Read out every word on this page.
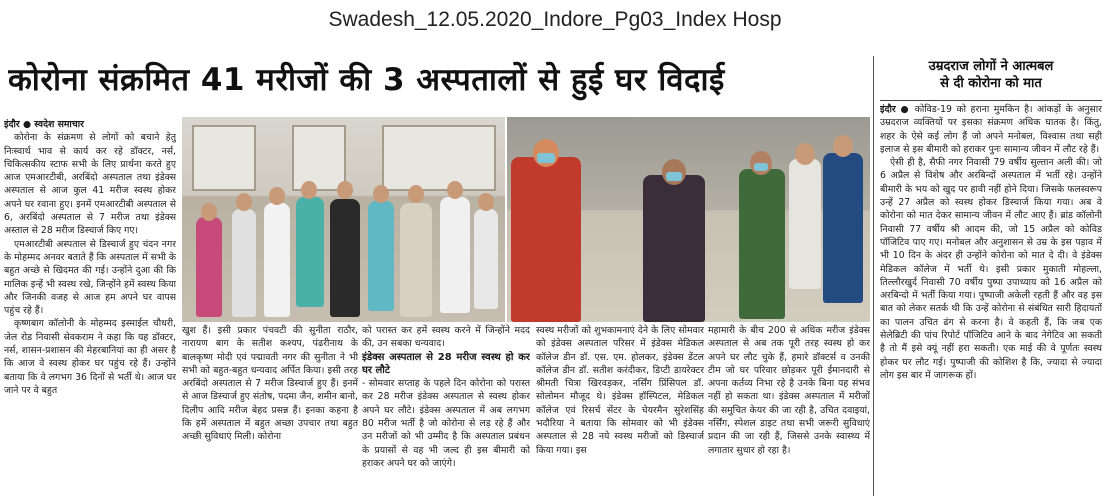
Swadesh_12.05.2020_Indore_Pg03_Index Hosp
कोरोना संक्रमित 41 मरीजों की 3 अस्पतालों से हुई घर विदाई	उम्रदराज लोगों ने आत्मबल
से दी कोरोना को मात

इंदौर ● स्वदेश समाचार

कोरोना के संक्रमण से लोगों को बचाने हेतु निःस्वार्थ भाव से कार्य कर रहे डॉक्टर, नर्स, चिकित्सकीय स्टाफ सभी के लिए प्रार्थना करते हुए आज एमआरटीबी, अरबिंदो अस्पताल तथा इंडेक्स अस्पताल से आज कुल 41 मरीज स्वस्थ होकर अपने घर रवाना हुए। इनमें एमआरटीबी अस्पताल से 6, अरबिंदो अस्पताल से 7 मरीज तथा इंडेक्स अस्ताल से 28 मरीज डिस्चार्ज किए गए।

एमआरटीबी अस्पताल से डिस्चार्ज हुए चंदन नगर के मोहम्मद अनवर बताते हैं कि अस्पताल में सभी के बहुत अच्छे से खिदमत की गई। उन्होंने दुआ की कि मालिक इन्हें भी स्वस्थ रखे, जिन्होंने हमें स्वस्थ किया और जिनकी वजह से आज हम अपने घर वापस पहुंच रहे हैं।

कृष्णबाग कॉलोनी के मोहम्मद इस्माईल चौधरी, जेल रोड निवासी सेवकराम ने कहा कि यह डॉक्टर, नर्स, शासन-प्रशासन की मेहरबानियां का ही असर है कि आज वे स्वस्थ होकर घर पहुंच रहे हैं। उन्होंने बताया कि वे लगभग 36 दिनों से भर्ती थे। आज घर जाने पर वे बहुत

खुश हैं। इसी प्रकार पंचवटी की सुनीता राठौर, नारायण बाग के सतीश कश्यप, पंढरीनाथ के बालकृष्ण मोदी एवं पद्मावती नगर की सुनीता ने भी सभी को बहुत-बहुत धन्यवाद अर्पित किया। इसी तरह अरबिंदो अस्पताल से 7 मरीज डिस्चार्ज हुए हैं। इनमें से आज डिस्चार्ज हुए संतोष, पदमा जैन, शमीन बानो, दिलीप आदि मरीज बेहद प्रसन्न हैं। इनका कहना है कि हमें अस्पताल में बहुत अच्छा उपचार तथा बहुत अच्छी सुविधाएं मिली। कोरोना

को परास्त कर हमें स्वस्थ करने में जिन्होंने मदद की, उन सबका धन्यवाद।

इंडेक्स अस्पताल से 28 मरीज स्वस्थ हो कर घर लौटे

- सोमवार सप्ताह के पहले दिन कोरोना को परास्त कर 28 मरीज इंडेक्स अस्पताल से स्वस्थ होकर अपने घर लौटे। इंडेक्स अस्पताल में अब लगभग 80 मरीज भर्ती है जो कोरोना से लड़ रहे हैं और उन मरीजों को भी उम्मीद है कि अस्पताल प्रबंधन के प्रयासों से वह भी जल्द ही इस बीमारी को हराकर अपने घर को जाएंगे।

स्वस्थ मरीजों को शुभकामनाएं देने के लिए सोमवार को इंडेक्स अस्पताल परिसर में इंडेक्स मेडिकल कॉलेज डीन डॉ. एस. एम. होलकर, इंडेक्स डेंटल कॉलेज डीन डॉ. सतीश करंदीकर, डिप्टी डायरेक्टर श्रीमती चित्रा खिरवड़कर, नर्सिंग प्रिंसिपल डॉ. सोलोमन मौजूद थे। इंडेक्स हॉस्पिटल, मेडिकल कॉलेज एवं रिसर्च सेंटर के चेयरमैन सुरेशसिंह भदौरिया ने बताया कि सोमवार को भी इंडेक्स अस्पताल से 28 नये स्वस्थ मरीजों को डिस्चार्ज किया गया। इस

महामारी के बीच 200 से अधिक मरीज इंडेक्स अस्पताल से अब तक पूरी तरह स्वस्थ हो कर अपने घर लौट चुके हैं, हमारे डॉक्टर्स व उनकी टीम जो घर परिवार छोड़कर पूरी ईमानदारी से अपना कर्तव्य निभा रहे है उनके बिना यह संभव नहीं हो सकता था। इंडेक्स अस्पताल में मरीजों की समुचित केयर की जा रही है, उचित दवाइयां, नर्सिंग, स्पेशल डाइट तथा सभी जरूरी सुविधाएं प्रदान की जा रही हैं, जिससे उनके स्वास्थ्य में लगातार सुधार हो रहा है।

इंदौर ● कोविड-19 को हराना मुमकिन है। आंकड़ों के अनुसार उम्रदराज व्यक्तियों पर इसका संक्रमण अधिक घातक है। किंतु, शहर के ऐसे कई लोग हैं जो अपने मनोबल, विश्वास तथा सही इलाज से इस बीमारी को हराकर पुनः सामान्य जीवन में लौट रहे हैं।

ऐसी ही है, सैफी नगर निवासी 79 वर्षीय सुल्तान अली की। जो 6 अप्रैल से विशेष और अरबिन्दों अस्पताल में भर्ती रहे। उन्होंने बीमारी के भय को खुद पर हावी नहीं होने दिया। जिसके फलस्वरूप उन्हें 27 अप्रैल को स्वस्थ होकर डिस्चार्ज किया गया। अब वे कोरोना को मात देकर सामान्य जीवन में लौट आए हैं। ब्रांड कॉलोनी निवासी 77 वर्षीय श्री आदम की, जो 15 अप्रैल को कोविड पॉजिटिव पाए गए। मनोबल और अनुशासन से उम्र के इस पड़ाव में भी 10 दिन के अंदर ही उन्होंने कोरोना को मात दे दी। वे इंडेक्स मेडिकल कॉलेज में भर्ती थे। इसी प्रकार मुकाती मोहल्ला, तिल्लौरखुर्द निवासी 70 वर्षीय पुष्पा उपाध्याय को 16 अप्रैल को अरबिन्दो में भर्ती किया गया। पुष्पाजी अकेली रहती हैं और वह इस बात को लेकर सतर्क थी कि उन्हें कोरोना से संबंधित सारी हिदायतों का पालन उचित ढंग से करना है। वे कहती हैं, कि जब एक सेलेब्रिटी की पांच रिपोर्ट पॉजिटिव आने के बाद नेगेटिव आ सकती है तो मैं इसे क्यूं नहीं हरा सकती। एक माई की वे पूर्णतः स्वस्थ होकर घर लौट गई। पुष्पाजी की कोशिश है कि, ज्यादा से ज्यादा लोग इस बार में जागरूक हों।
